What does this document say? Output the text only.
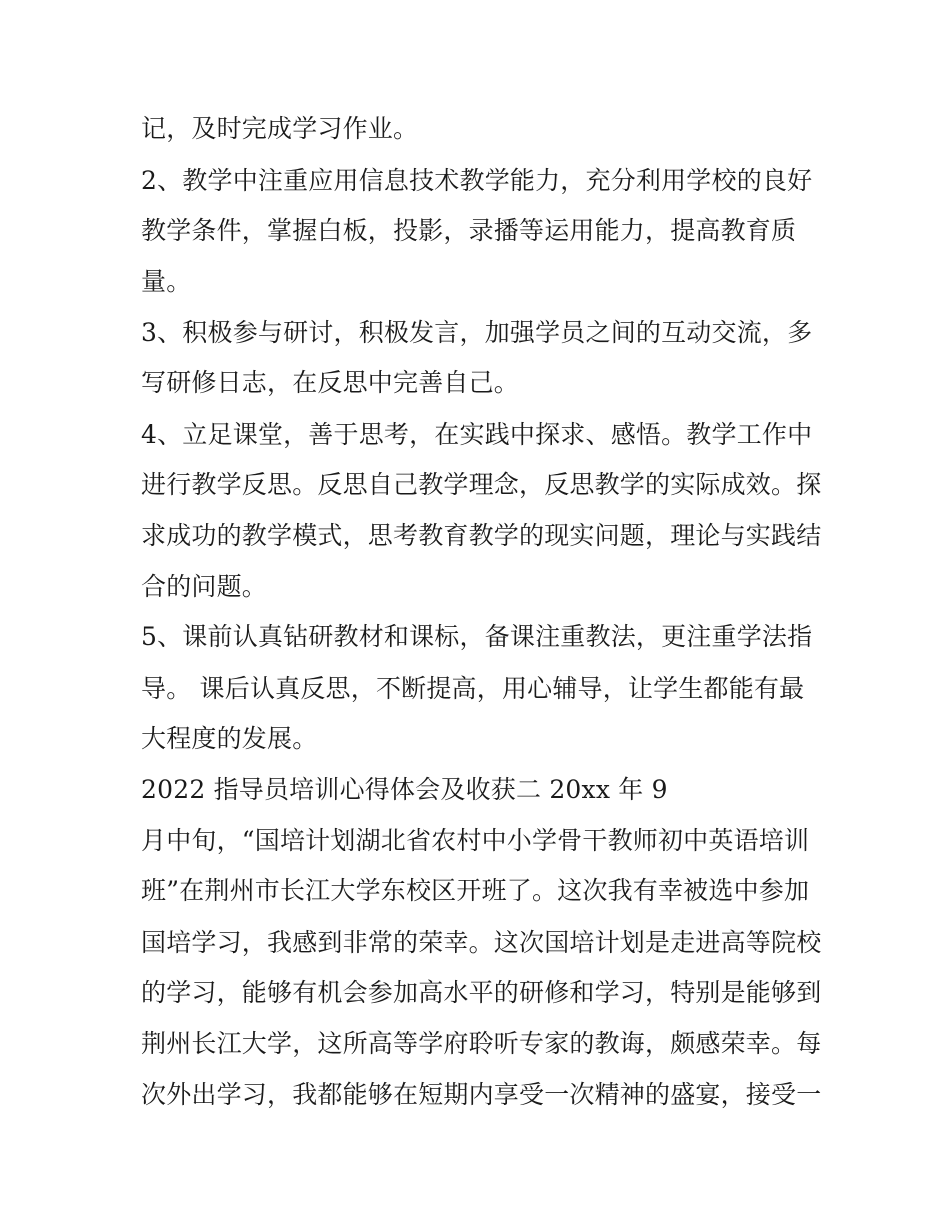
记，及时完成学习作业。
2、教学中注重应用信息技术教学能力，充分利用学校的良好
教学条件，掌握白板，投影，录播等运用能力，提高教育质
量。
3、积极参与研讨，积极发言，加强学员之间的互动交流，多
写研修日志，在反思中完善自己。
4、立足课堂，善于思考，在实践中探求、感悟。教学工作中
进行教学反思。反思自己教学理念，反思教学的实际成效。探
求成功的教学模式，思考教育教学的现实问题，理论与实践结
合的问题。
5、课前认真钻研教材和课标，备课注重教法，更注重学法指
导。 课后认真反思，不断提高，用心辅导，让学生都能有最
大程度的发展。
2022 指导员培训心得体会及收获二 20xx 年 9
月中旬，“国培计划湖北省农村中小学骨干教师初中英语培训
班”在荆州市长江大学东校区开班了。这次我有幸被选中参加
国培学习，我感到非常的荣幸。这次国培计划是走进高等院校
的学习，能够有机会参加高水平的研修和学习，特别是能够到
荆州长江大学，这所高等学府聆听专家的教诲，颇感荣幸。每
次外出学习，我都能够在短期内享受一次精神的盛宴，接受一
